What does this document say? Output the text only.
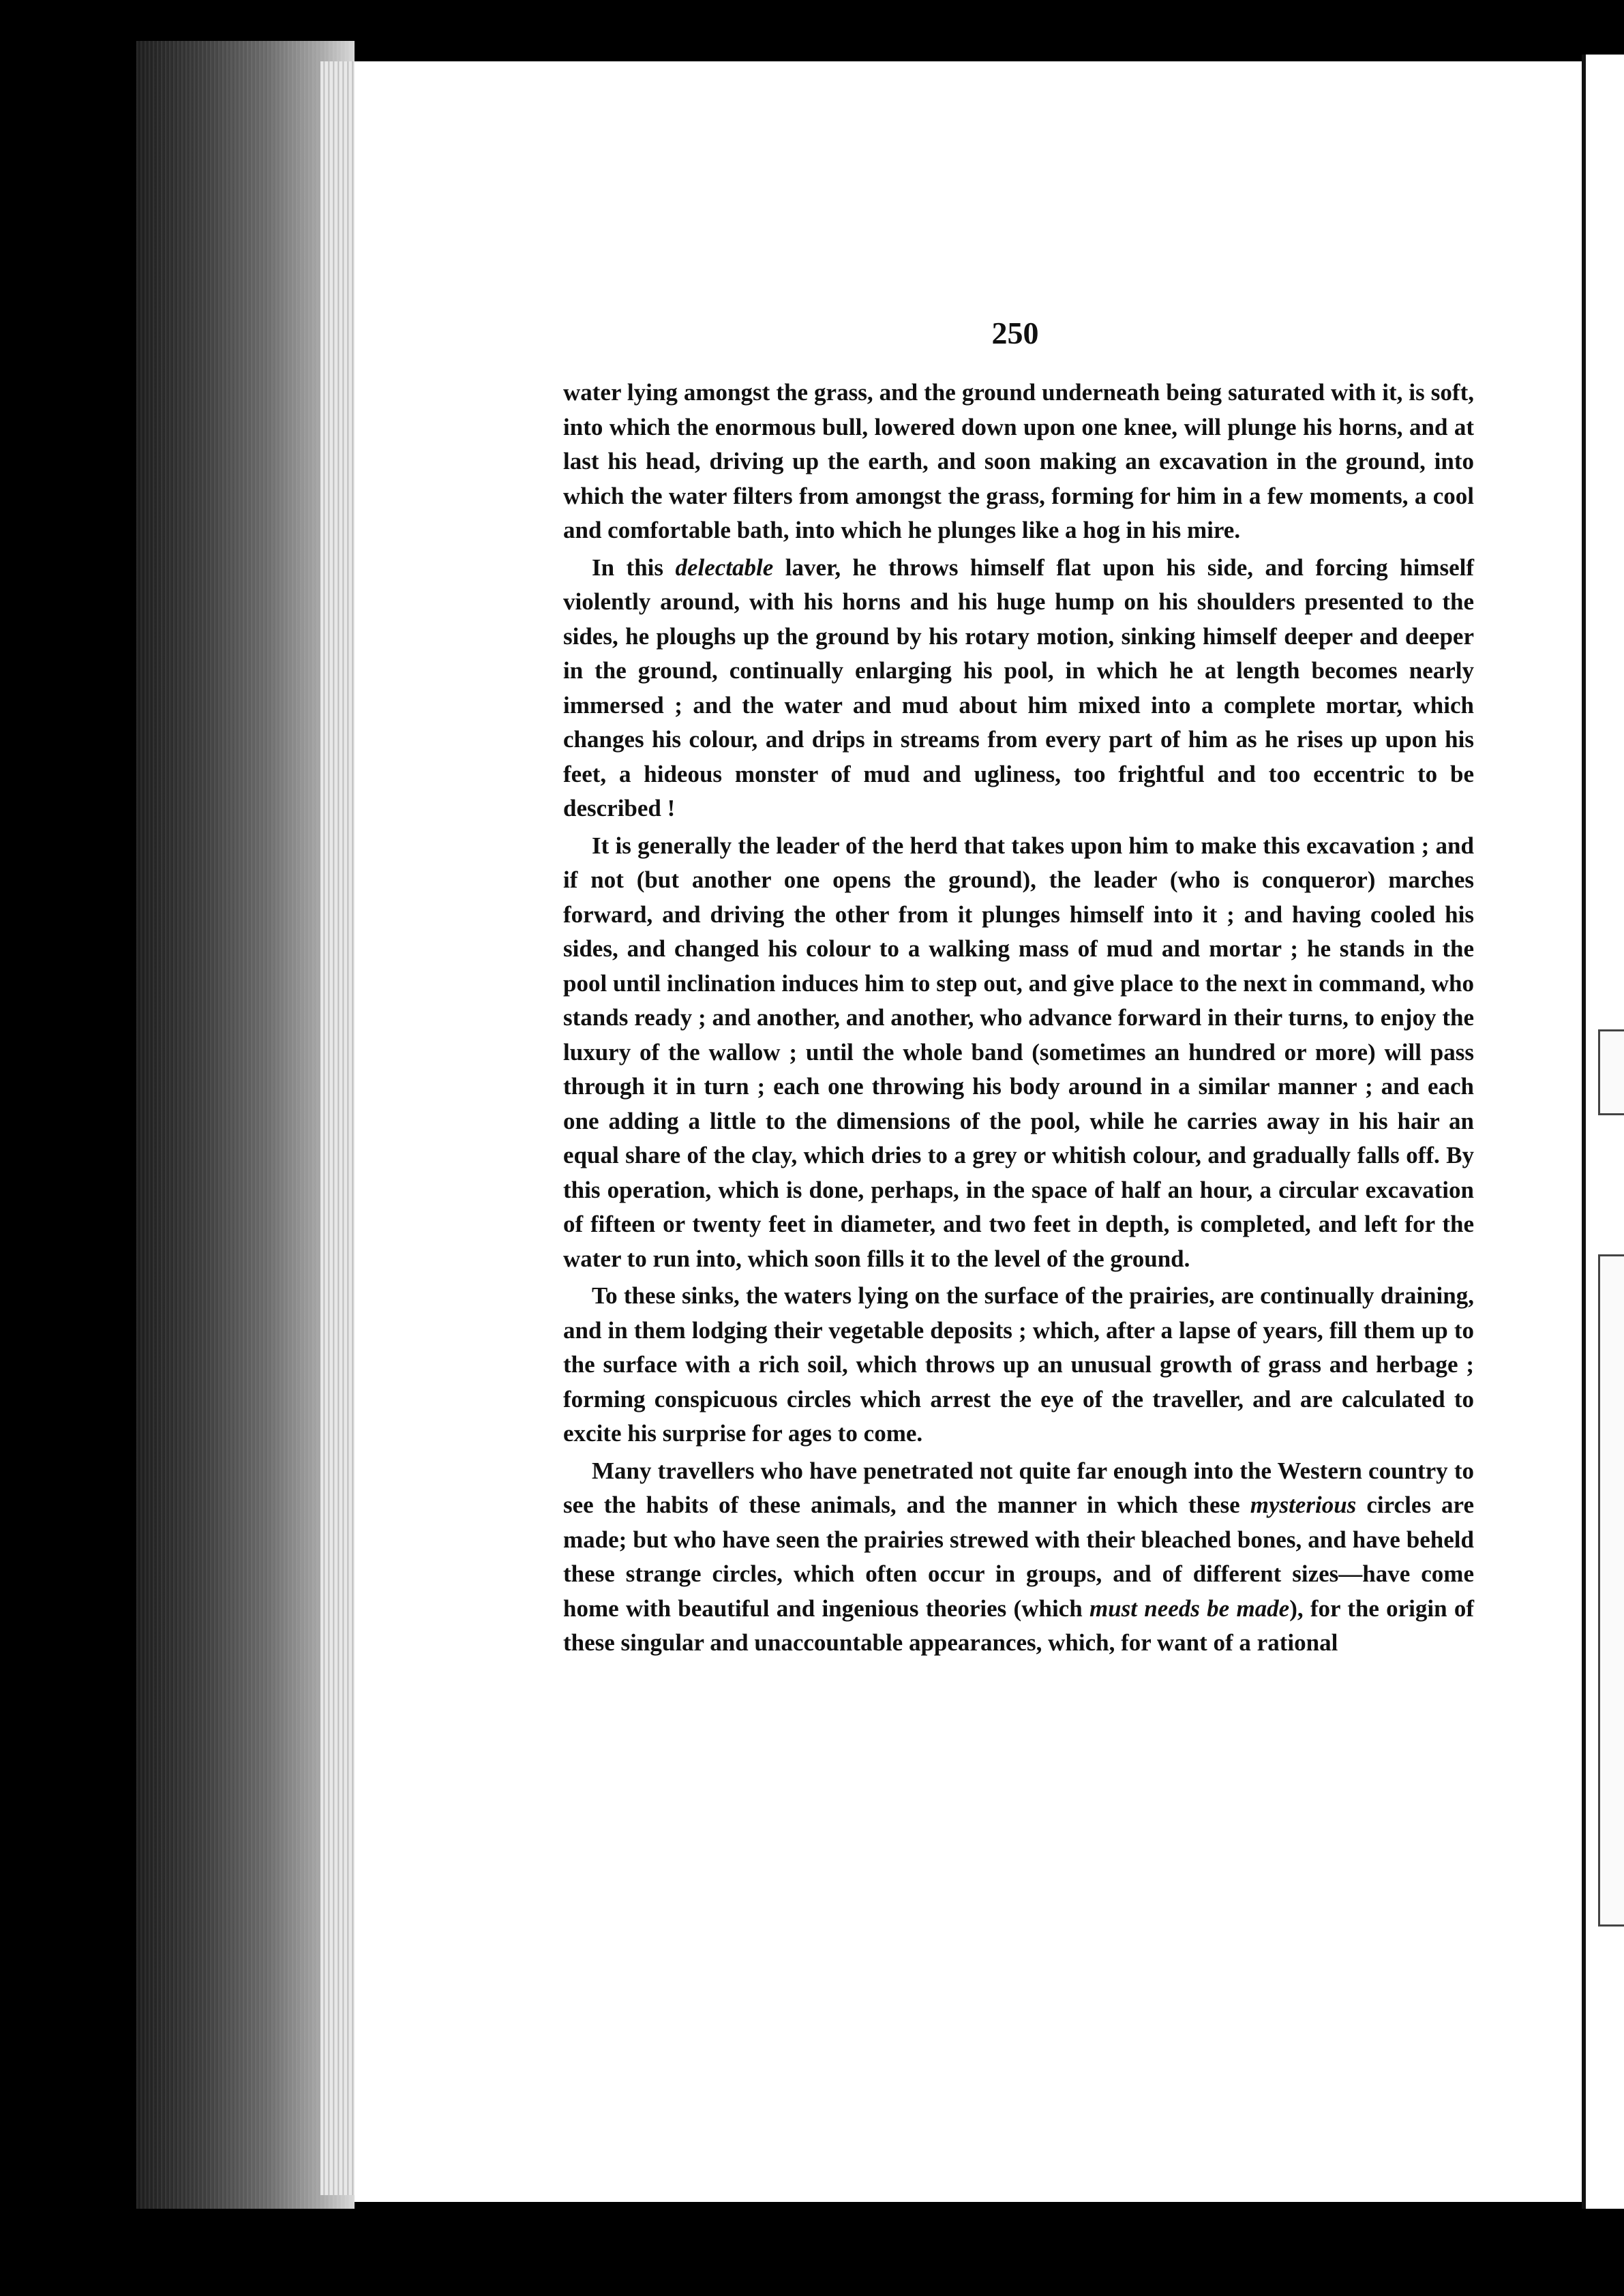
250

water lying amongst the grass, and the ground underneath being saturated with it, is soft, into which the enormous bull, lowered down upon one knee, will plunge his horns, and at last his head, driving up the earth, and soon making an excavation in the ground, into which the water filters from amongst the grass, forming for him in a few moments, a cool and comfortable bath, into which he plunges like a hog in his mire.

In this delectable laver, he throws himself flat upon his side, and forcing himself violently around, with his horns and his huge hump on his shoulders presented to the sides, he ploughs up the ground by his rotary motion, sinking himself deeper and deeper in the ground, continually enlarging his pool, in which he at length becomes nearly immersed ; and the water and mud about him mixed into a complete mortar, which changes his colour, and drips in streams from every part of him as he rises up upon his feet, a hideous monster of mud and ugliness, too frightful and too eccentric to be described !

It is generally the leader of the herd that takes upon him to make this excavation ; and if not (but another one opens the ground), the leader (who is conqueror) marches forward, and driving the other from it plunges himself into it ; and having cooled his sides, and changed his colour to a walking mass of mud and mortar ; he stands in the pool until inclination induces him to step out, and give place to the next in command, who stands ready ; and another, and another, who advance forward in their turns, to enjoy the luxury of the wallow ; until the whole band (sometimes an hundred or more) will pass through it in turn ; each one throwing his body around in a similar manner ; and each one adding a little to the dimensions of the pool, while he carries away in his hair an equal share of the clay, which dries to a grey or whitish colour, and gradually falls off. By this operation, which is done, perhaps, in the space of half an hour, a circular excavation of fifteen or twenty feet in diameter, and two feet in depth, is completed, and left for the water to run into, which soon fills it to the level of the ground.

To these sinks, the waters lying on the surface of the prairies, are continually draining, and in them lodging their vegetable deposits ; which, after a lapse of years, fill them up to the surface with a rich soil, which throws up an unusual growth of grass and herbage ; forming conspicuous circles which arrest the eye of the traveller, and are calculated to excite his surprise for ages to come.

Many travellers who have penetrated not quite far enough into the Western country to see the habits of these animals, and the manner in which these mysterious circles are made; but who have seen the prairies strewed with their bleached bones, and have beheld these strange circles, which often occur in groups, and of different sizes—have come home with beautiful and ingenious theories (which must needs be made), for the origin of these singular and unaccountable appearances, which, for want of a rational
